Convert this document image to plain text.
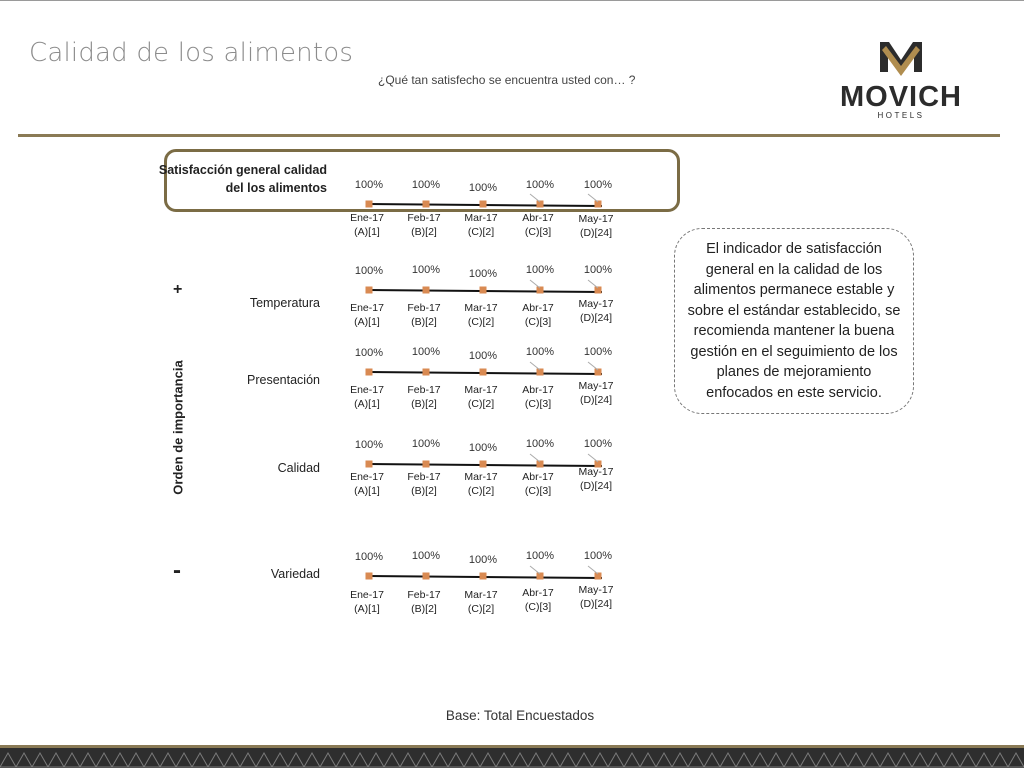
Calidad de los alimentos
¿Qué tan satisfecho se encuentra usted con… ?
MOVICH
HOTELS
100%
Ene-17
(A)[1]
100%
Feb-17
(B)[2]
100%
Mar-17
(C)[2]
100%
Abr-17
(C)[3]
100%
May-17
(D)[24]
100%
Ene-17
(A)[1]
100%
Feb-17
(B)[2]
100%
Mar-17
(C)[2]
100%
Abr-17
(C)[3]
100%
May-17
(D)[24]
100%
Ene-17
(A)[1]
100%
Feb-17
(B)[2]
100%
Mar-17
(C)[2]
100%
Abr-17
(C)[3]
100%
May-17
(D)[24]
100%
Ene-17
(A)[1]
100%
Feb-17
(B)[2]
100%
Mar-17
(C)[2]
100%
Abr-17
(C)[3]
100%
May-17
(D)[24]
100%
Ene-17
(A)[1]
100%
Feb-17
(B)[2]
100%
Mar-17
(C)[2]
100%
Abr-17
(C)[3]
100%
May-17
(D)[24]
Satisfacción general calidad del los alimentos
Temperatura
Presentación
Calidad
Variedad
Orden de importancia
+
-
El indicador de satisfacción general en la calidad de los alimentos permanece estable y sobre el estándar establecido, se recomienda mantener la buena gestión en el seguimiento de los planes de mejoramiento enfocados en este servicio.
Base: Total Encuestados
